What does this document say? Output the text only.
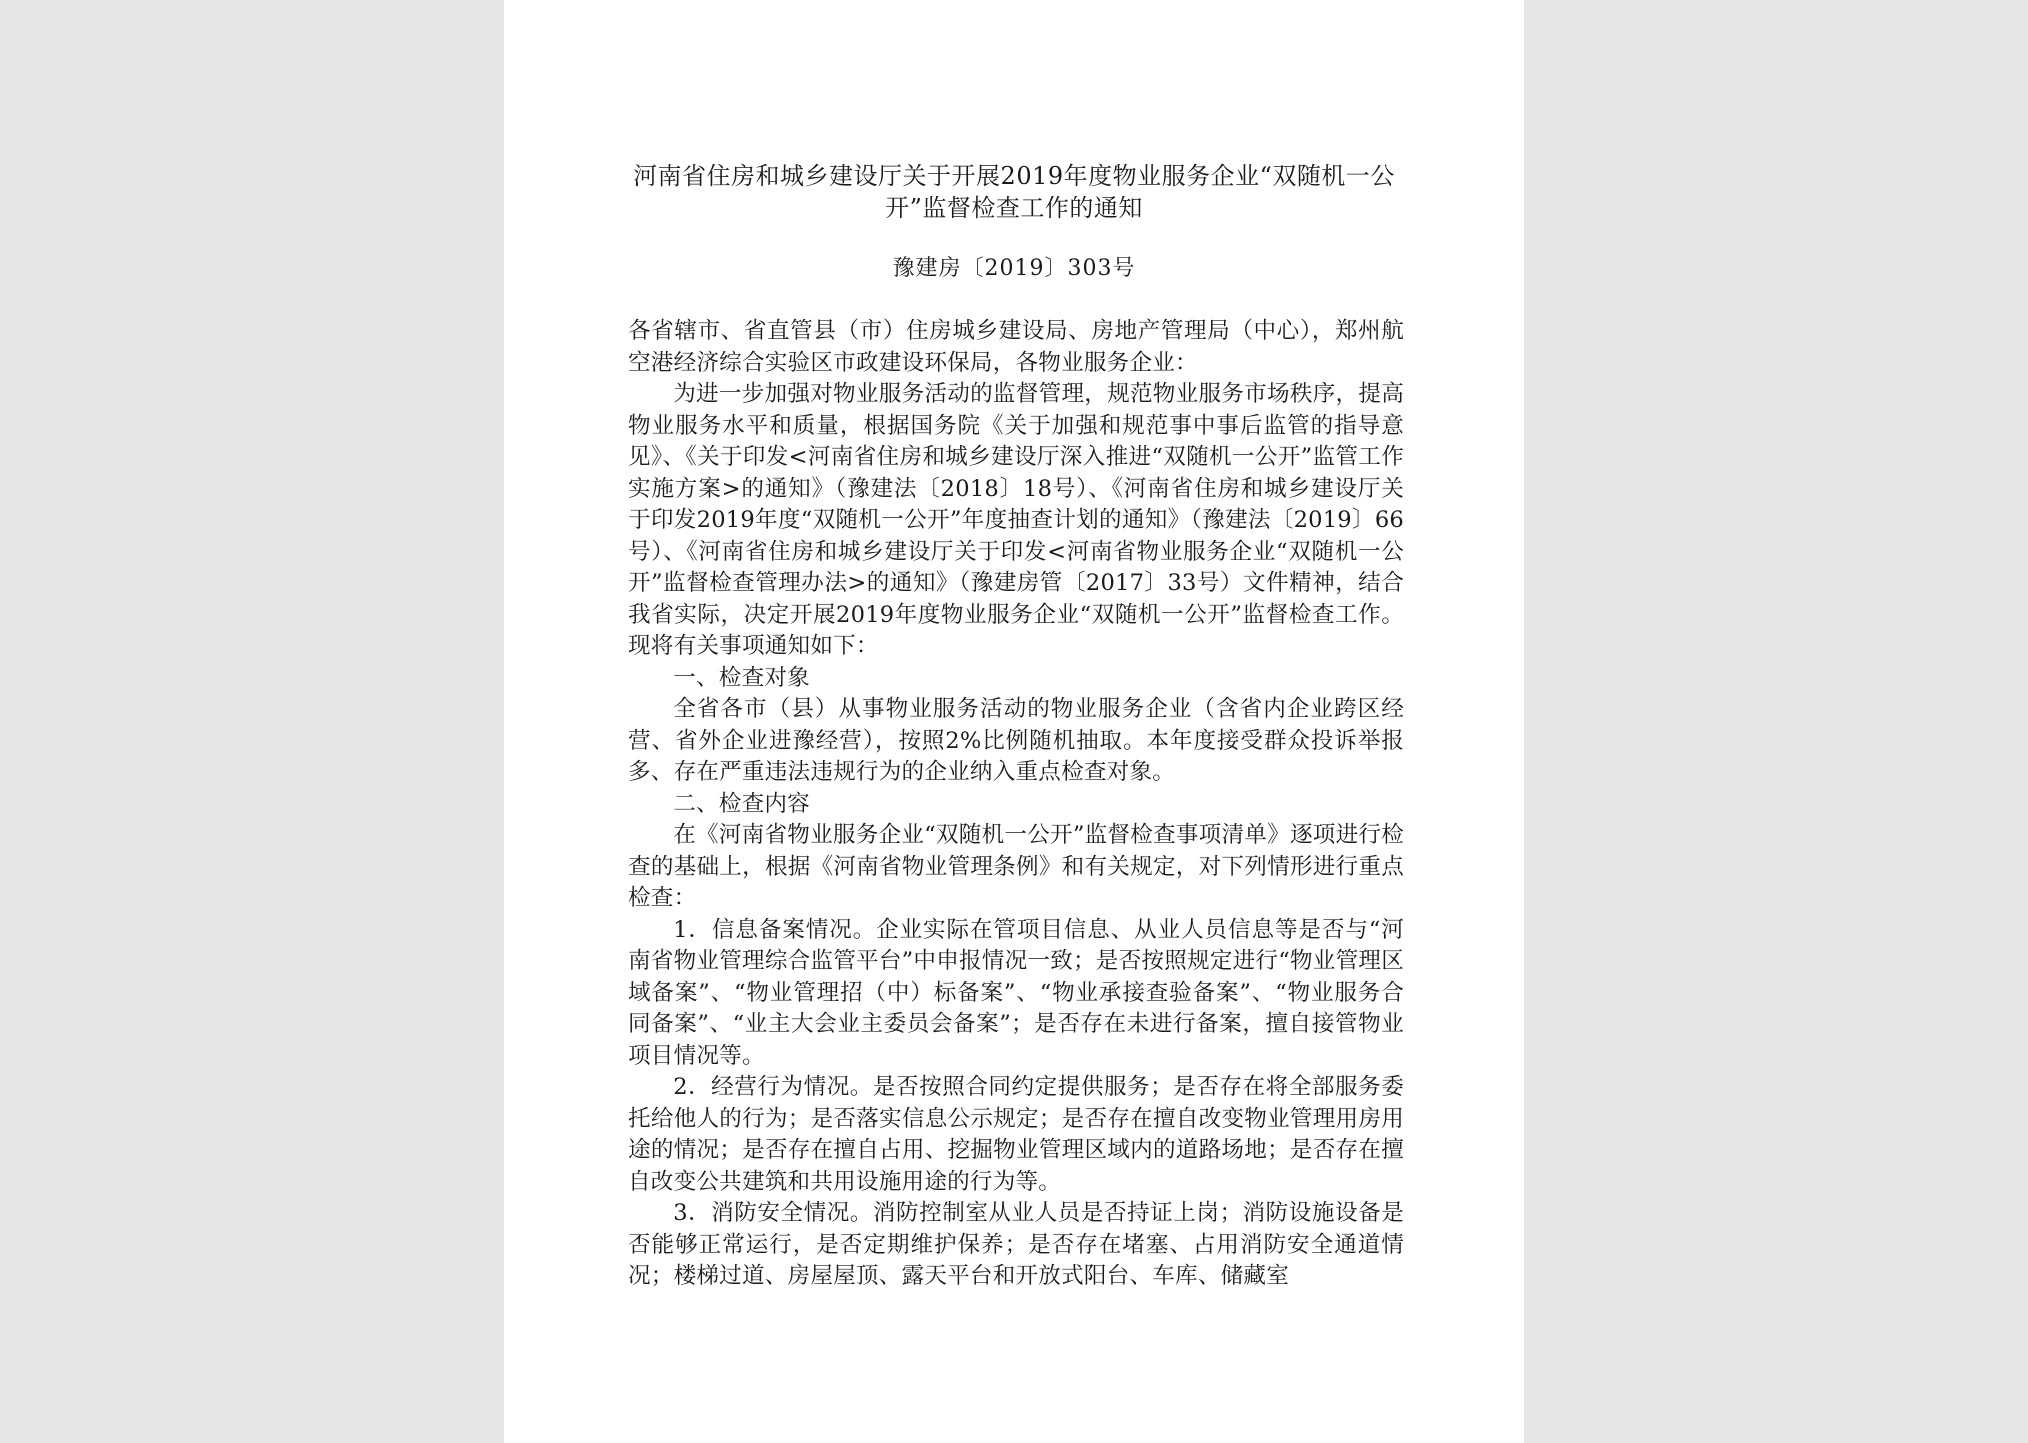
河南省住房和城乡建设厅关于开展2019年度物业服务企业“双随机一公开”监督检查工作的通知
豫建房〔2019〕303号

各省辖市、省直管县（市）住房城乡建设局、房地产管理局（中心），郑州航空港经济综合实验区市政建设环保局，各物业服务企业：

为进一步加强对物业服务活动的监督管理，规范物业服务市场秩序，提高物业服务水平和质量，根据国务院《关于加强和规范事中事后监管的指导意见》、《关于印发<河南省住房和城乡建设厅深入推进“双随机一公开”监管工作实施方案>的通知》（豫建法〔2018〕18号）、《河南省住房和城乡建设厅关于印发2019年度“双随机一公开”年度抽查计划的通知》（豫建法〔2019〕66号）、《河南省住房和城乡建设厅关于印发<河南省物业服务企业“双随机一公开”监督检查管理办法>的通知》（豫建房管〔2017〕33号）文件精神，结合我省实际，决定开展2019年度物业服务企业“双随机一公开”监督检查工作。现将有关事项通知如下：

一、检查对象

全省各市（县）从事物业服务活动的物业服务企业（含省内企业跨区经营、省外企业进豫经营），按照2%比例随机抽取。本年度接受群众投诉举报多、存在严重违法违规行为的企业纳入重点检查对象。

二、检查内容

在《河南省物业服务企业“双随机一公开”监督检查事项清单》逐项进行检查的基础上，根据《河南省物业管理条例》和有关规定，对下列情形进行重点检查：

1．信息备案情况。企业实际在管项目信息、从业人员信息等是否与“河南省物业管理综合监管平台”中申报情况一致；是否按照规定进行“物业管理区域备案”、“物业管理招（中）标备案”、“物业承接查验备案”、“物业服务合同备案”、“业主大会业主委员会备案”；是否存在未进行备案，擅自接管物业项目情况等。

2．经营行为情况。是否按照合同约定提供服务；是否存在将全部服务委托给他人的行为；是否落实信息公示规定；是否存在擅自改变物业管理用房用途的情况；是否存在擅自占用、挖掘物业管理区域内的道路场地；是否存在擅自改变公共建筑和共用设施用途的行为等。

3．消防安全情况。消防控制室从业人员是否持证上岗；消防设施设备是否能够正常运行，是否定期维护保养；是否存在堵塞、占用消防安全通道情况；楼梯过道、房屋屋顶、露天平台和开放式阳台、车库、储藏室
